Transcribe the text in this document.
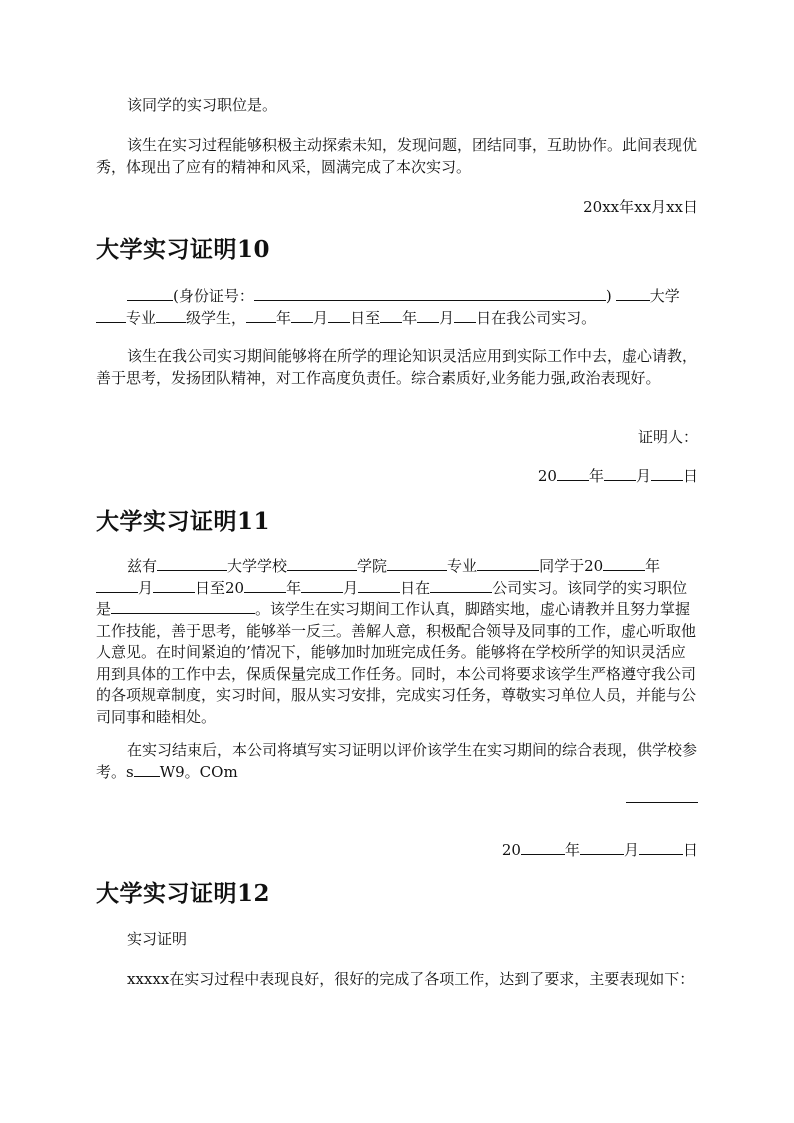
该同学的实习职位是。

该生在实习过程能够积极主动探索未知，发现问题，团结同事，互助协作。此间表现优秀，体现出了应有的精神和风采，圆满完成了本次实习。

20xx年xx月xx日

大学实习证明10
(身份证号：	)	大学
专业 级学生， 年 月 日至 年 月 日在我公司实习。

该生在我公司实习期间能够将在所学的理论知识灵活应用到实际工作中去，虚心请教，善于思考，发扬团队精神，对工作高度负责任。综合素质好,业务能力强,政治表现好。

证明人：

20 年 月 日
大学实习证明11

兹有	大学学校	学院	专业	同学于20	年月	日至20	年	月	日在	公司实习。该同学的实习职位是	。该学生在实习期间工作认真，脚踏实地，虚心请教并且努力掌握工作技能，善于思考，能够举一反三。善解人意，积极配合领导及同事的工作，虚心听取他人意见。在时间紧迫的’情况下，能够加时加班完成任务。能够将在学校所学的知识灵活应用到具体的工作中去，保质保量完成工作任务。同时，本公司将要求该学生严格遵守我公司的各项规章制度，实习时间，服从实习安排，完成实习任务，尊敬实习单位人员，并能与公司同事和睦相处。

在实习结束后，本公司将填写实习证明以评价该学生在实习期间的综合表现，供学校参考。s W9。COm

20	年	月	日
大学实习证明12

实习证明

xxxxx在实习过程中表现良好，很好的完成了各项工作，达到了要求，主要表现如下：
